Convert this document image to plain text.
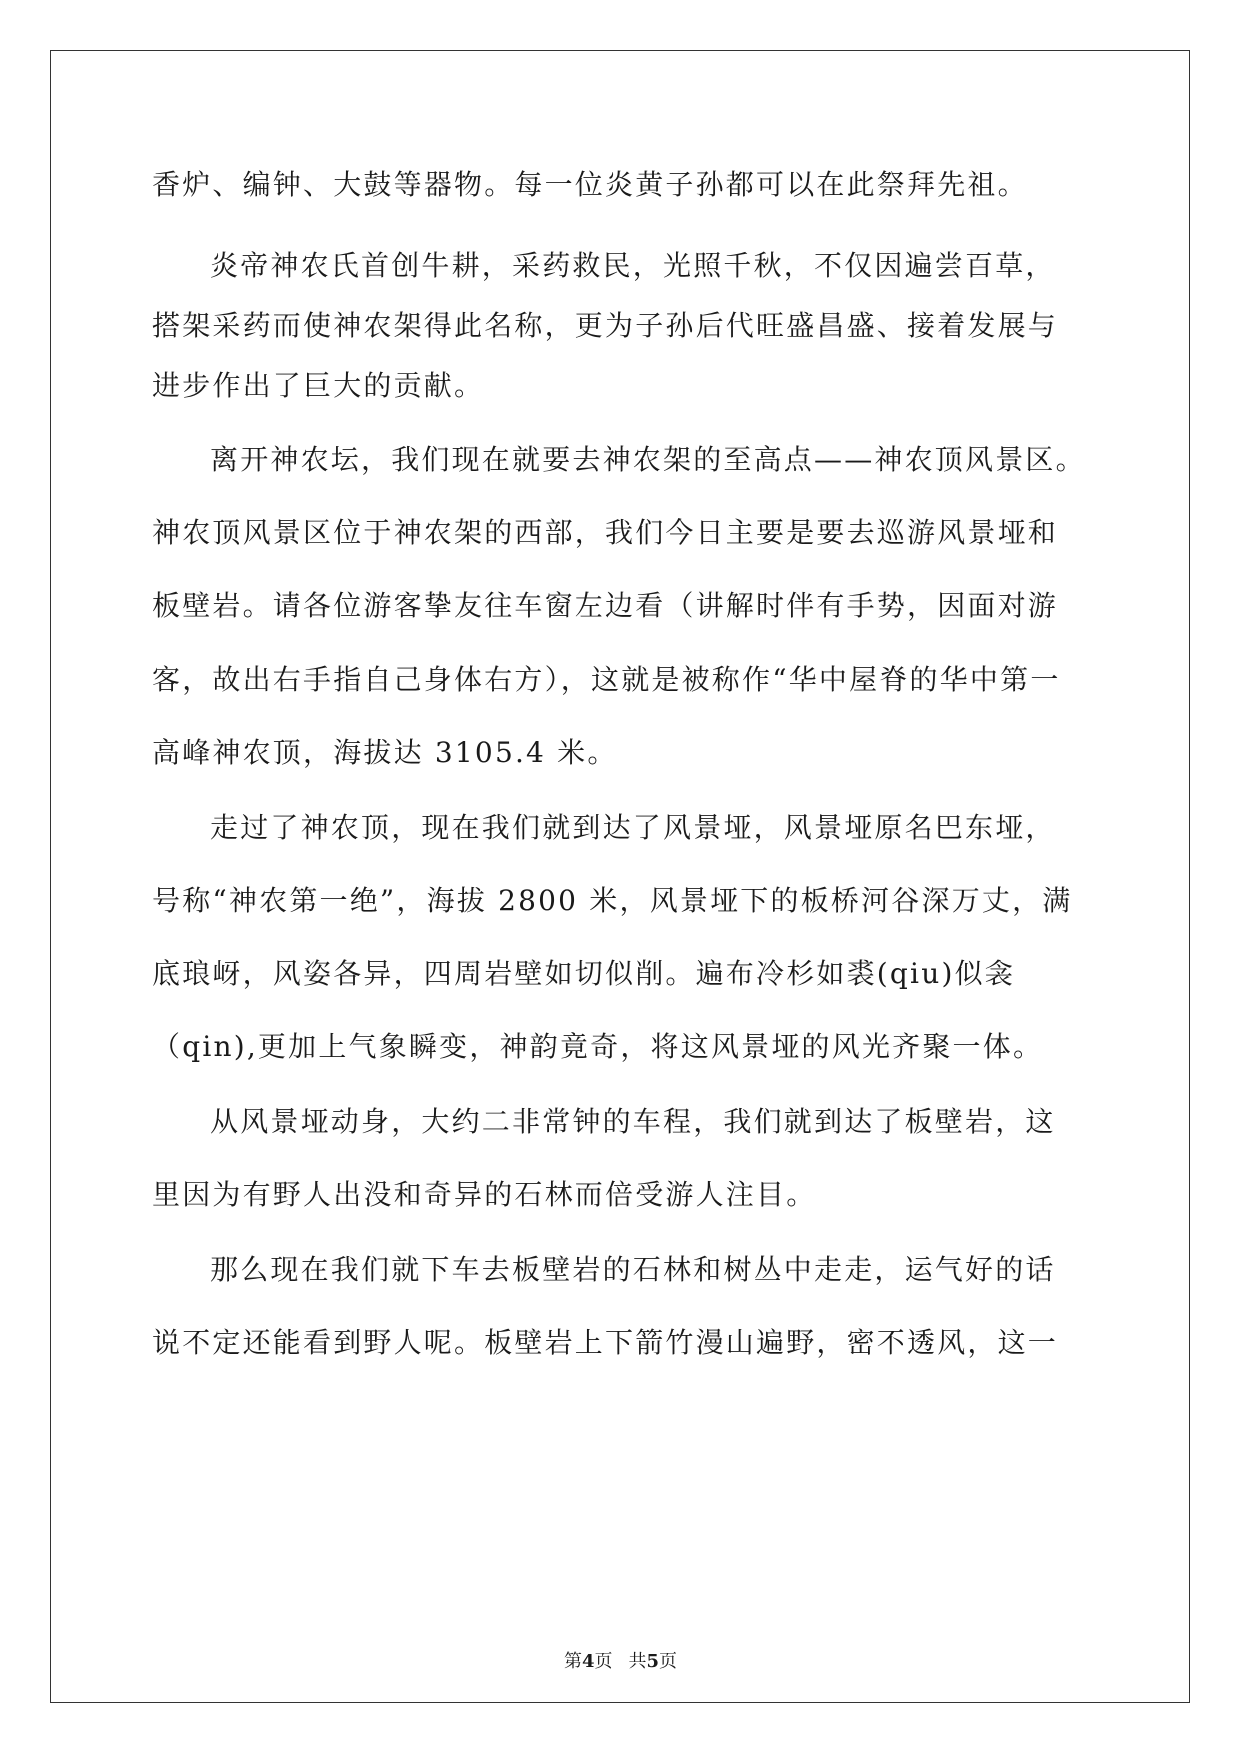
香炉、编钟、大鼓等器物。每一位炎黄子孙都可以在此祭拜先祖。
炎帝神农氏首创牛耕，采药救民，光照千秋，不仅因遍尝百草，
搭架采药而使神农架得此名称，更为子孙后代旺盛昌盛、接着发展与
进步作出了巨大的贡献。
离开神农坛，我们现在就要去神农架的至高点——神农顶风景区。
神农顶风景区位于神农架的西部，我们今日主要是要去巡游风景垭和
板壁岩。请各位游客挚友往车窗左边看（讲解时伴有手势，因面对游
客，故出右手指自己身体右方），这就是被称作“华中屋脊的华中第一
高峰神农顶，海拔达 3105.4 米。
走过了神农顶，现在我们就到达了风景垭，风景垭原名巴东垭，
号称“神农第一绝”，海拔 2800 米，风景垭下的板桥河谷深万丈，满
底琅岈，风姿各异，四周岩壁如切似削。遍布冷杉如裘(qiu)似衾
（qin),更加上气象瞬变，神韵竟奇，将这风景垭的风光齐聚一体。
从风景垭动身，大约二非常钟的车程，我们就到达了板壁岩，这
里因为有野人出没和奇异的石林而倍受游人注目。
那么现在我们就下车去板壁岩的石林和树丛中走走，运气好的话
说不定还能看到野人呢。板壁岩上下箭竹漫山遍野，密不透风，这一
第4页 共5页
